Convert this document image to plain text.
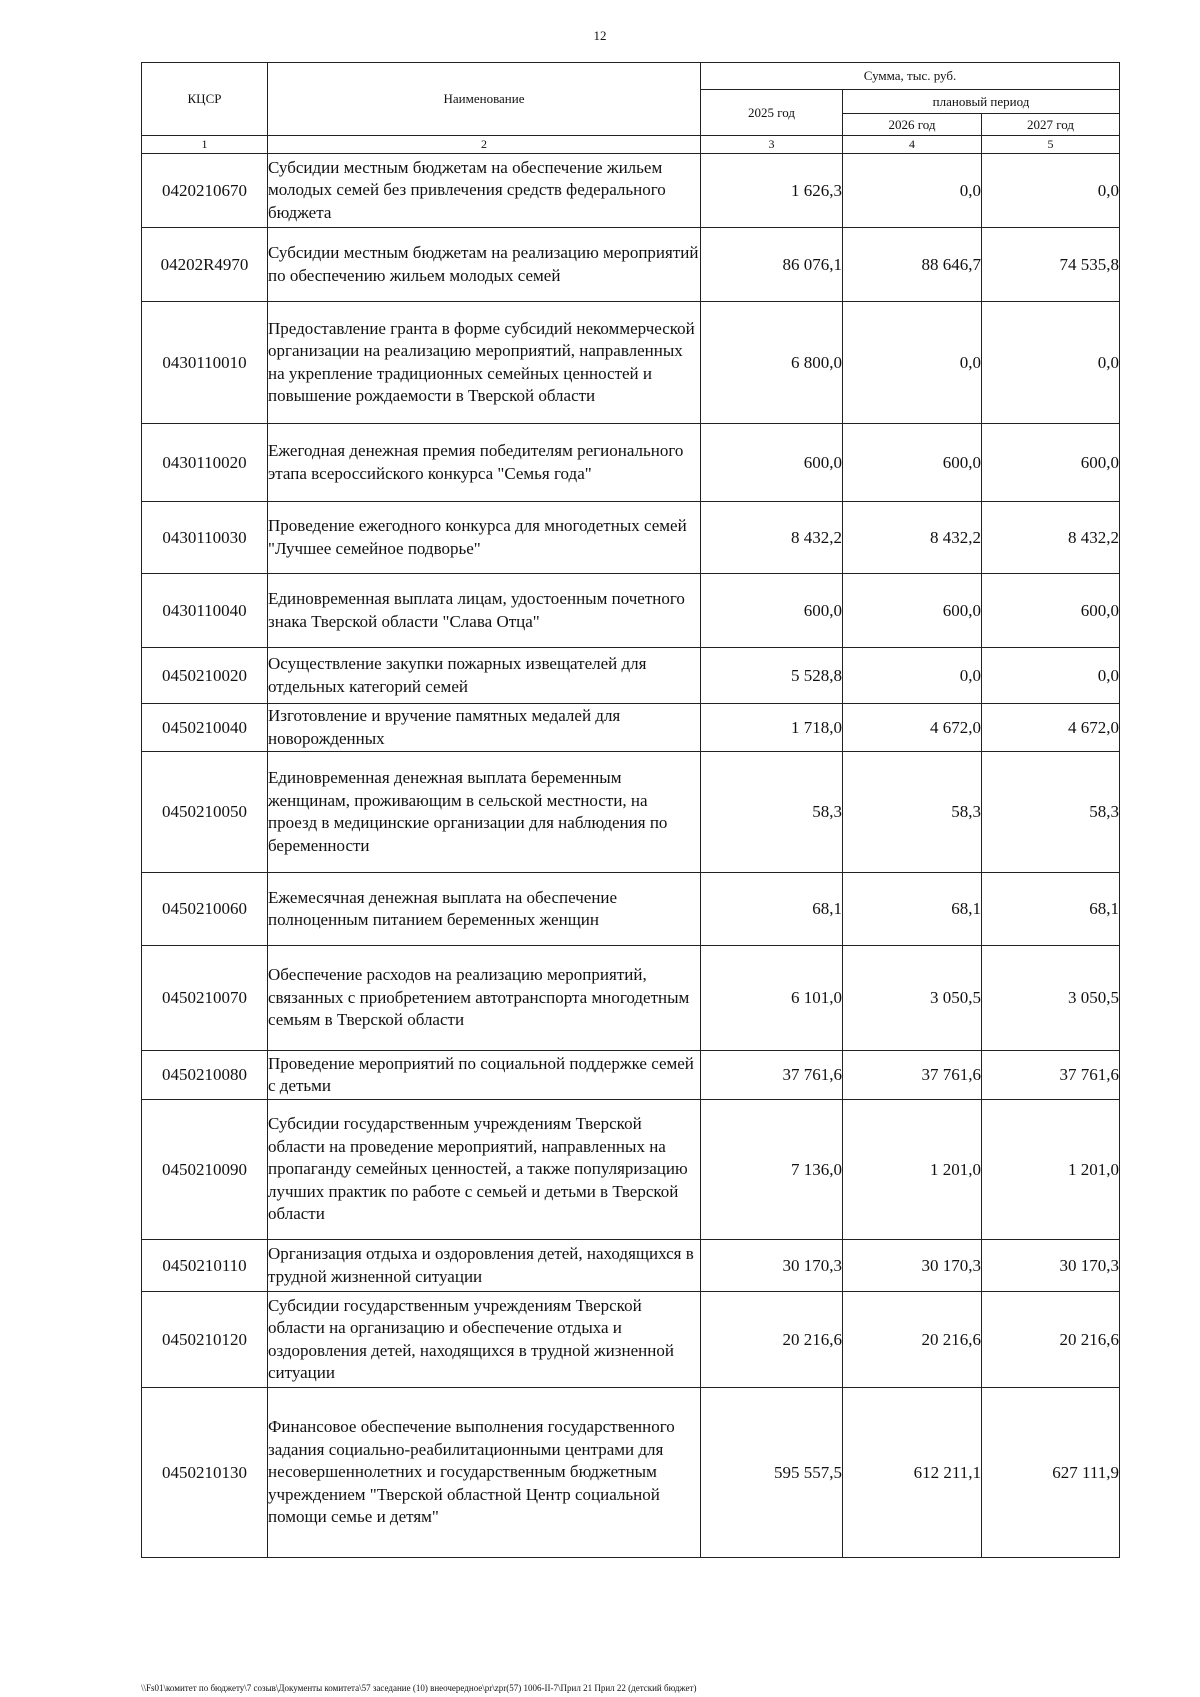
12
КЦСР	Наименование	Сумма, тыс. руб.		
		2025 год	плановый период	
			2026 год	2027 год
1	2	3	4	5
0420210670	Субсидии местным бюджетам на обеспечение жильем молодых семей без привлечения средств федерального бюджета	1 626,3	0,0	0,0
04202R4970	Субсидии местным бюджетам на реализацию мероприятий по обеспечению жильем молодых семей	86 076,1	88 646,7	74 535,8
0430110010	Предоставление гранта в форме субсидий некоммерческой организации на реализацию мероприятий, направленных на укрепление традиционных семейных ценностей и повышение рождаемости в Тверской области	6 800,0	0,0	0,0
0430110020	Ежегодная денежная премия победителям регионального этапа всероссийского конкурса "Семья года"	600,0	600,0	600,0
0430110030	Проведение ежегодного конкурса для многодетных семей "Лучшее семейное подворье"	8 432,2	8 432,2	8 432,2
0430110040	Единовременная выплата лицам, удостоенным почетного знака Тверской области "Слава Отца"	600,0	600,0	600,0
0450210020	Осуществление закупки пожарных извещателей для отдельных категорий семей	5 528,8	0,0	0,0
0450210040	Изготовление и вручение памятных медалей для новорожденных	1 718,0	4 672,0	4 672,0
0450210050	Единовременная денежная выплата беременным женщинам, проживающим в сельской местности, на проезд в медицинские организации для наблюдения по беременности	58,3	58,3	58,3
0450210060	Ежемесячная денежная выплата на обеспечение полноценным питанием беременных женщин	68,1	68,1	68,1
0450210070	Обеспечение расходов на реализацию мероприятий, связанных с приобретением автотранспорта многодетным семьям в Тверской области	6 101,0	3 050,5	3 050,5
0450210080	Проведение мероприятий по социальной поддержке семей с детьми	37 761,6	37 761,6	37 761,6
0450210090	Субсидии государственным учреждениям Тверской области на проведение мероприятий, направленных на пропаганду семейных ценностей, а также популяризацию лучших практик по работе с семьей и детьми в Тверской области	7 136,0	1 201,0	1 201,0
0450210110	Организация отдыха и оздоровления детей, находящихся в трудной жизненной ситуации	30 170,3	30 170,3	30 170,3
0450210120	Субсидии государственным учреждениям Тверской области на организацию и обеспечение отдыха и оздоровления детей, находящихся в трудной жизненной ситуации	20 216,6	20 216,6	20 216,6
0450210130	Финансовое обеспечение выполнения государственного задания социально-реабилитационными центрами для несовершеннолетних и государственным бюджетным учреждением "Тверской областной Центр социальной помощи семье и детям"	595 557,5	612 211,1	627 111,9
\\Fs01\комитет по бюджету\7 созыв\Документы комитета\57 заседание (10) внеочередное\pr\zpr(57) 1006-II-7\Прил 21 Прил 22 (детский бюджет)
